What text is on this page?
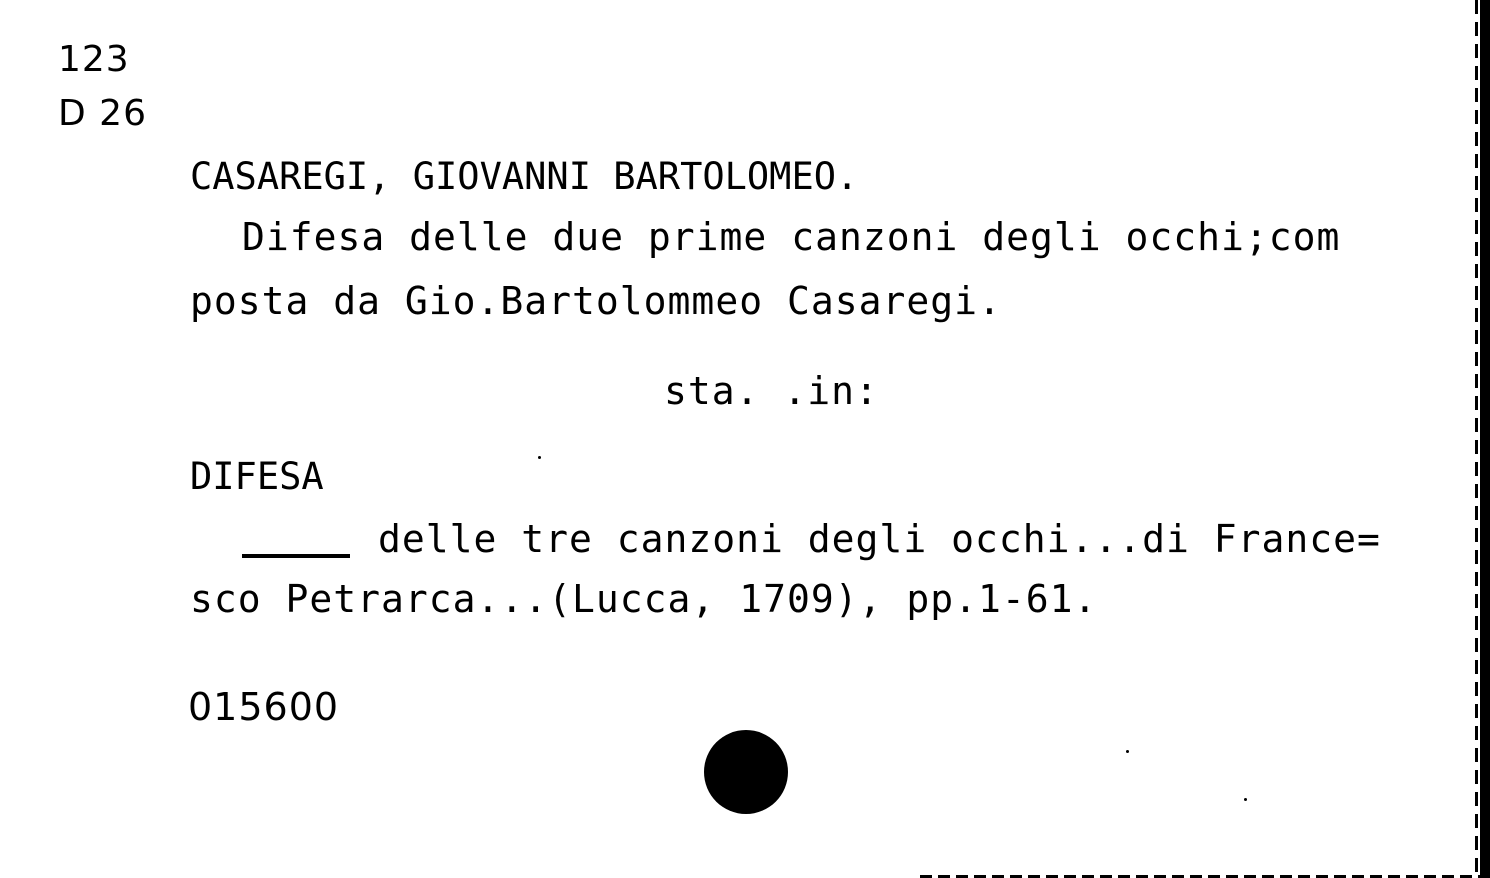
123
D 26
CASAREGI, GIOVANNI BARTOLOMEO.
Difesa delle due prime canzoni degli occhi;com
posta da Gio.Bartolommeo Casaregi.
sta. .in:
DIFESA
delle tre canzoni degli occhi...di France=
sco Petrarca...(Lucca, 1709), pp.1-61.
015600
